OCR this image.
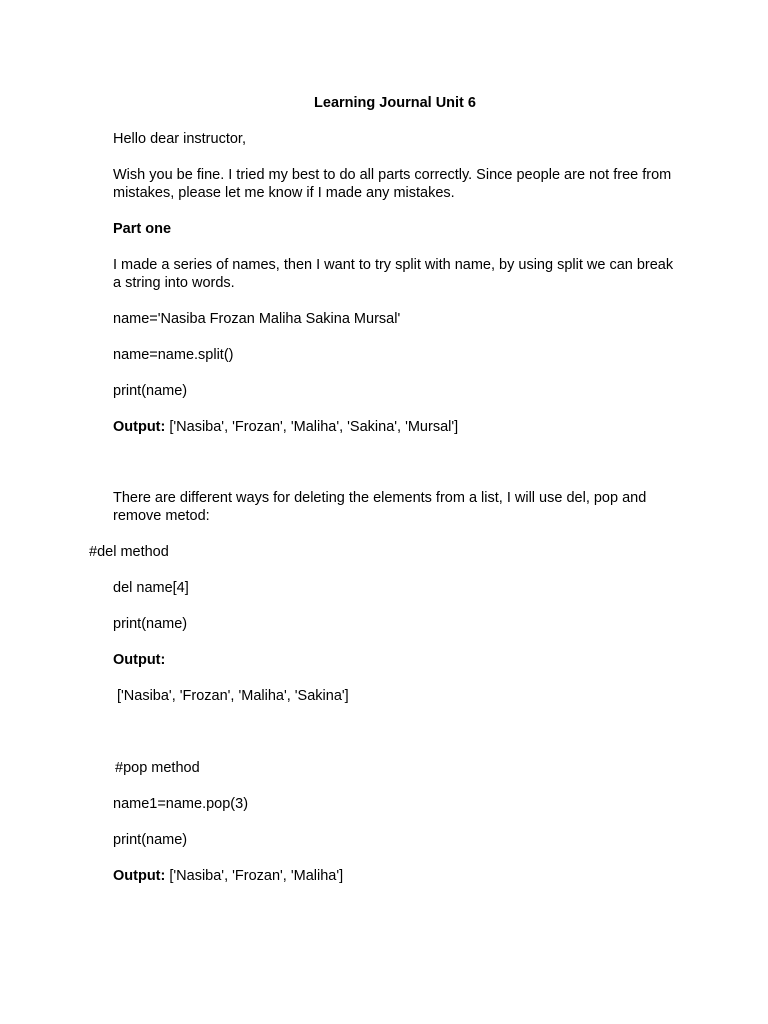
Learning Journal Unit 6

Hello dear instructor,

Wish you be fine. I tried my best to do all parts correctly. Since people are not free from mistakes, please let me know if I made any mistakes.

Part one

I made a series of names, then I want to try split with name, by using split we can break a string into words.

name='Nasiba Frozan Maliha Sakina Mursal'

name=name.split()

print(name)

Output: ['Nasiba', 'Frozan', 'Maliha', 'Sakina', 'Mursal']

There are different ways for deleting the elements from a list, I will use del, pop and remove metod:

#del method

del name[4]

print(name)

Output:

['Nasiba', 'Frozan', 'Maliha', 'Sakina']

#pop method

name1=name.pop(3)

print(name)

Output: ['Nasiba', 'Frozan', 'Maliha']
